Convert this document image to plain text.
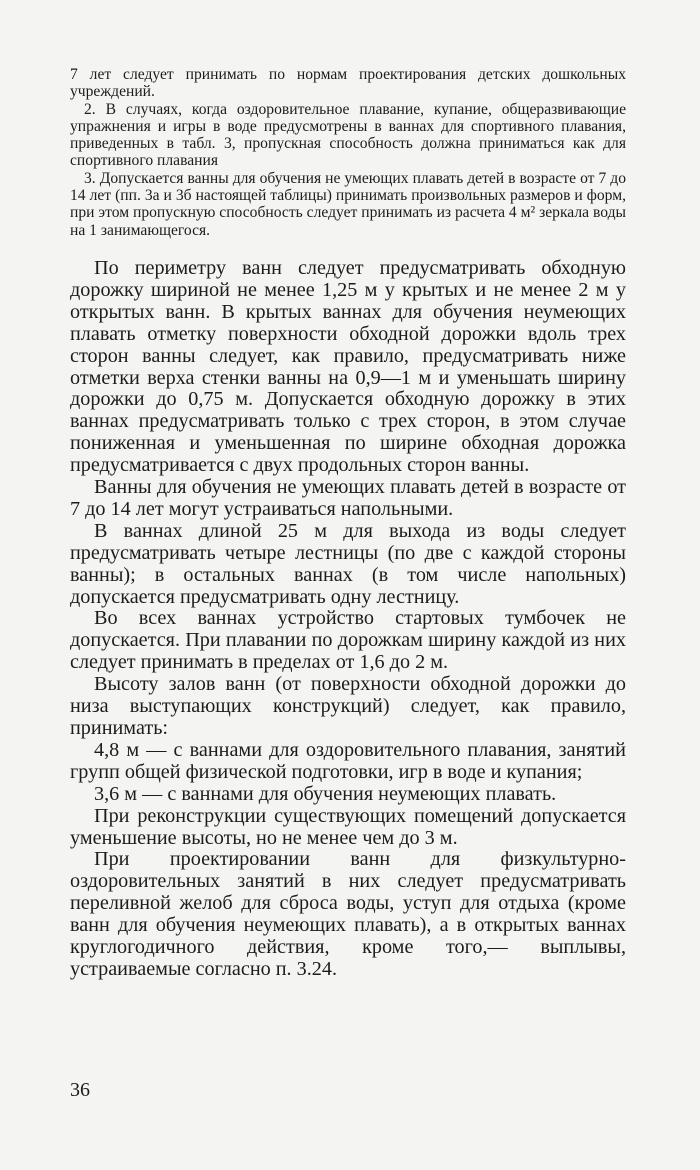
7 лет следует принимать по нормам проектирования детских дошкольных учреждений.

2. В случаях, когда оздоровительное плавание, купание, общеразвивающие упражнения и игры в воде предусмотрены в ваннах для спортивного плавания, приведенных в табл. 3, пропускная способность должна приниматься как для спортивного плавания

3. Допускается ванны для обучения не умеющих плавать детей в возрасте от 7 до 14 лет (пп. 3а и 3б настоящей таблицы) принимать произвольных размеров и форм, при этом пропускную способность следует принимать из расчета 4 м² зеркала воды на 1 занимающегося.

По периметру ванн следует предусматривать обходную дорожку шириной не менее 1,25 м у крытых и не менее 2 м у открытых ванн. В крытых ваннах для обучения неумеющих плавать отметку поверхности обходной дорожки вдоль трех сторон ванны следует, как правило, предусматривать ниже отметки верха стенки ванны на 0,9—1 м и уменьшать ширину дорожки до 0,75 м. Допускается обходную дорожку в этих ваннах предусматривать только с трех сторон, в этом случае пониженная и уменьшенная по ширине обходная дорожка предусматривается с двух продольных сторон ванны.

Ванны для обучения не умеющих плавать детей в возрасте от 7 до 14 лет могут устраиваться напольными.

В ваннах длиной 25 м для выхода из воды следует предусматривать четыре лестницы (по две с каждой стороны ванны); в остальных ваннах (в том числе напольных) допускается предусматривать одну лестницу.

Во всех ваннах устройство стартовых тумбочек не допускается. При плавании по дорожкам ширину каждой из них следует принимать в пределах от 1,6 до 2 м.

Высоту залов ванн (от поверхности обходной дорожки до низа выступающих конструкций) следует, как правило, принимать:

4,8 м — с ваннами для оздоровительного плавания, занятий групп общей физической подготовки, игр в воде и купания;

3,6 м — с ваннами для обучения неумеющих плавать.

При реконструкции существующих помещений допускается уменьшение высоты, но не менее чем до 3 м.

При проектировании ванн для физкультурно-оздоровительных занятий в них следует предусматривать переливной желоб для сброса воды, уступ для отдыха (кроме ванн для обучения неумеющих плавать), а в открытых ваннах круглогодичного действия, кроме того,— выплывы, устраиваемые согласно п. 3.24.

36
